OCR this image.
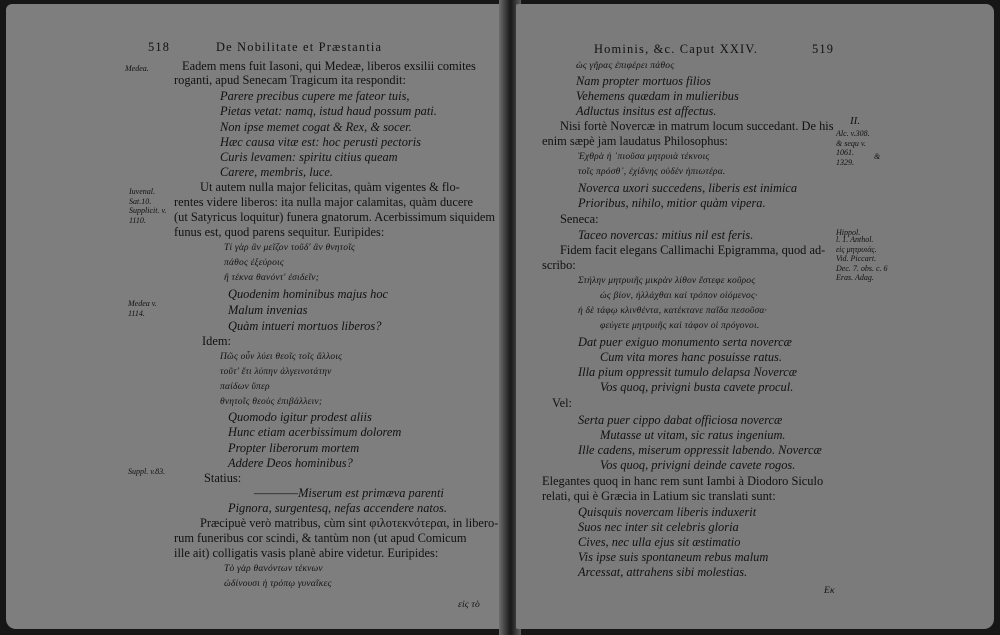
518	De Nobilitate et Præstantia
Eadem mens fuit Iasoni, qui Medeæ, liberos exsilii comites
roganti, apud Senecam Tragicum ita respondit:
Parere precibus cupere me fateor tuis,
Pietas vetat: namq, istud haud possum pati.
Non ipse memet cogat & Rex, & socer.
Hæc causa vitæ est: hoc perusti pectoris
Curis levamen: spiritu citius queam
Carere, membris, luce.
Ut autem nulla major felicitas, quàm vigentes & flo-
rentes videre liberos: ita nulla major calamitas, quàm ducere
(ut Satyricus loquitur) funera gnatorum. Acerbissimum siquidem
funus est, quod parens sequitur. Euripides:
Τί γὰρ ἂν μεῖζον τοῦδ' ἂν θνητοῖς
πάθος ἐξεύροις
ἢ τέκνα θανόντ' ἐσιδεῖν;
Quodenim hominibus majus hoc
Malum invenias
Quàm intueri mortuos liberos?
Idem:
Πῶς οὖν λύει θεοῖς τοῖς ἄλλοις
τοῦτ' ἔτι λύπην ἀλγεινοτάτην
παίδων ὕπερ
θνητοῖς θεοὺς ἐπιβάλλειν;
Quomodo igitur prodest aliis
Hunc etiam acerbissimum dolorem
Propter liberorum mortem
Addere Deos hominibus?
Statius:
————Miserum est primæva parenti
Pignora, surgentesq, nefas accendere natos.
Præcipuè verò matribus, cùm sint φιλοτεκνότεραι, in libero-
rum funeribus cor scindi, & tantùm non (ut apud Comicum
ille ait) colligatis vasis planè abire videtur. Euripides:
Τὸ γὰρ θανόντων τέκνων
ὠδίνουσι ἡ τρόπῳ γυναῖκες
εἰς τὸ
Medea.
Iuvenal.
Sat.10.
Supplicit. v.
1110.
Medea v.
1114.
Suppl. v.83.
Hominis, &c. Caput XXIV.	519
ὡς γῆρας ἐπιφέρει πάθος
Nam propter mortuos filios
Vehemens quædam in mulieribus
Adluctus insitus est affectus.
Nisi fortè Novercæ in matrum locum succedant. De his
enim sæpè jam laudatus Philosophus:
Ἐχθρὰ ἡ ᾽πιοῦσα μητρυιὰ τέκνοις
τοῖς πρόσθ᾽, ἐχίδνης οὐδὲν ἠπιωτέρα.
Noverca uxori succedens, liberis est inimica
Prioribus, nihilo, mitior quàm vipera.
Seneca:
Taceo novercas: mitius nil est feris.
Fidem facit elegans Callimachi Epigramma, quod ad-
scribo:
Στήλην μητρυιῆς μικρὰν λίθον ἔστεφε κοῦρος
ὡς βίον, ἠλλάχθαι καὶ τρόπον οἰόμενος·
ἡ δὲ τάφῳ κλινθέντα, κατέκτανε παῖδα πεσοῦσα·
φεύγετε μητρυιῆς καὶ τάφον οἱ πρόγονοι.
Dat puer exiguo monumento serta novercæ
Cum vita mores hanc posuisse ratus.
Illa pium oppressit tumulo delapsa Novercæ
Vos quoq, privigni busta cavete procul.
Vel:
Serta puer cippo dabat officiosa novercæ
Mutasse ut vitam, sic ratus ingenium.
Ille cadens, miserum oppressit labendo. Novercæ
Vos quoq, privigni deinde cavete rogos.
Elegantes quoq in hanc rem sunt Iambi à Diodoro Siculo
relati, qui è Græcia in Latium sic translati sunt:
Quisquis novercam liberis induxerit
Suos nec inter sit celebris gloria
Cives, nec ulla ejus sit æstimatio
Vis ipse suis spontaneum rebus malum
Arcessat, attrahens sibi molestias.
Εκ
Alc. v.308.
& sequ v.
1061.
1329.
II.
&
Hippol.
l. 1. Anthol.
εἰς μητρυιάς.
Vid. Piccart.
Dec. 7. obs. c. 6
Eras. Adag.
